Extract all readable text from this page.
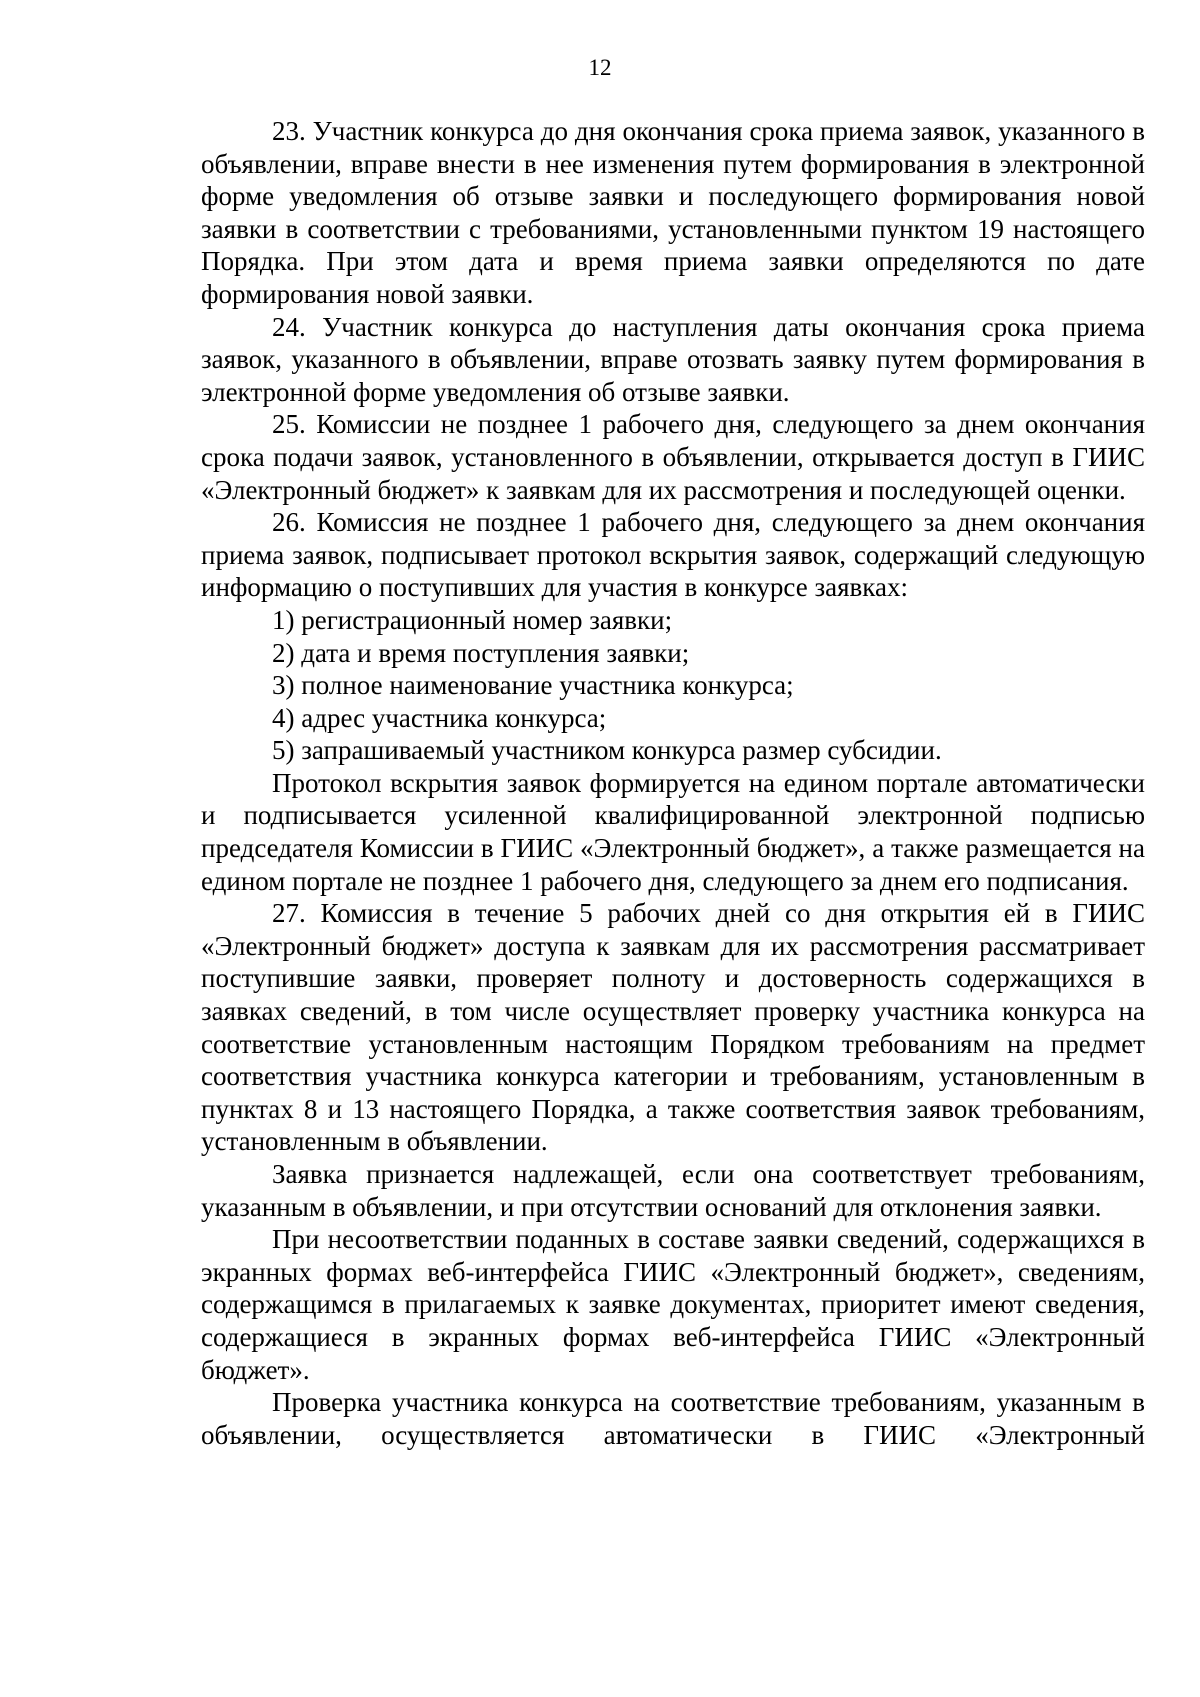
12

23. Участник конкурса до дня окончания срока приема заявок, указанного в объявлении, вправе внести в нее изменения путем формирования в электронной форме уведомления об отзыве заявки и последующего формирования новой заявки в соответствии с требованиями, установленными пунктом 19 настоящего Порядка. При этом дата и время приема заявки определяются по дате формирования новой заявки.

24. Участник конкурса до наступления даты окончания срока приема заявок, указанного в объявлении, вправе отозвать заявку путем формирования в электронной форме уведомления об отзыве заявки.

25. Комиссии не позднее 1 рабочего дня, следующего за днем окончания срока подачи заявок, установленного в объявлении, открывается доступ в ГИИС «Электронный бюджет» к заявкам для их рассмотрения и последующей оценки.

26. Комиссия не позднее 1 рабочего дня, следующего за днем окончания приема заявок, подписывает протокол вскрытия заявок, содержащий следующую информацию о поступивших для участия в конкурсе заявках:

1) регистрационный номер заявки;

2) дата и время поступления заявки;

3) полное наименование участника конкурса;

4) адрес участника конкурса;

5) запрашиваемый участником конкурса размер субсидии.

Протокол вскрытия заявок формируется на едином портале автоматически и подписывается усиленной квалифицированной электронной подписью председателя Комиссии в ГИИС «Электронный бюджет», а также размещается на едином портале не позднее 1 рабочего дня, следующего за днем его подписания.

27. Комиссия в течение 5 рабочих дней со дня открытия ей в ГИИС «Электронный бюджет» доступа к заявкам для их рассмотрения рассматривает поступившие заявки, проверяет полноту и достоверность содержащихся в заявках сведений, в том числе осуществляет проверку участника конкурса на соответствие установленным настоящим Порядком требованиям на предмет соответствия участника конкурса категории и требованиям, установленным в пунктах 8 и 13 настоящего Порядка, а также соответствия заявок требованиям, установленным в объявлении.

Заявка признается надлежащей, если она соответствует требованиям, указанным в объявлении, и при отсутствии оснований для отклонения заявки.

При несоответствии поданных в составе заявки сведений, содержащихся в экранных формах веб-интерфейса ГИИС «Электронный бюджет», сведениям, содержащимся в прилагаемых к заявке документах, приоритет имеют сведения, содержащиеся в экранных формах веб-интерфейса ГИИС «Электронный бюджет».

Проверка участника конкурса на соответствие требованиям, указанным в объявлении, осуществляется автоматически в ГИИС «Электронный
